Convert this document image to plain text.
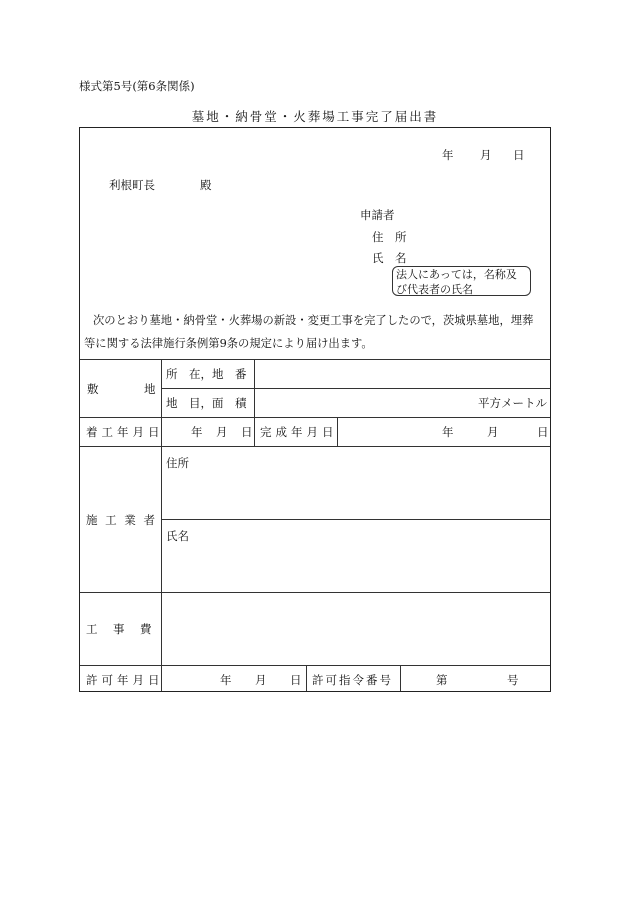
様式第5号(第6条関係)
墓地・納骨堂・火葬場工事完了届出書
年 月 日
利根町長	殿
申請者
住　所
氏　名
法人にあっては，名称及
び代表者の氏名
次のとおり墓地・納骨堂・火葬場の新設・変更工事を完了したので，茨城県墓地，埋葬
等に関する法律施行条例第9条の規定により届け出ます。
敷	地
所　在，地　番
地　目，面　積	平方メートル
着工年月日 年 月 日 完成年月日	年	月	日
施 工 業 者
住所
氏名
工　事　費
許可年月日	年 月 日 許可指令番号	第	号
